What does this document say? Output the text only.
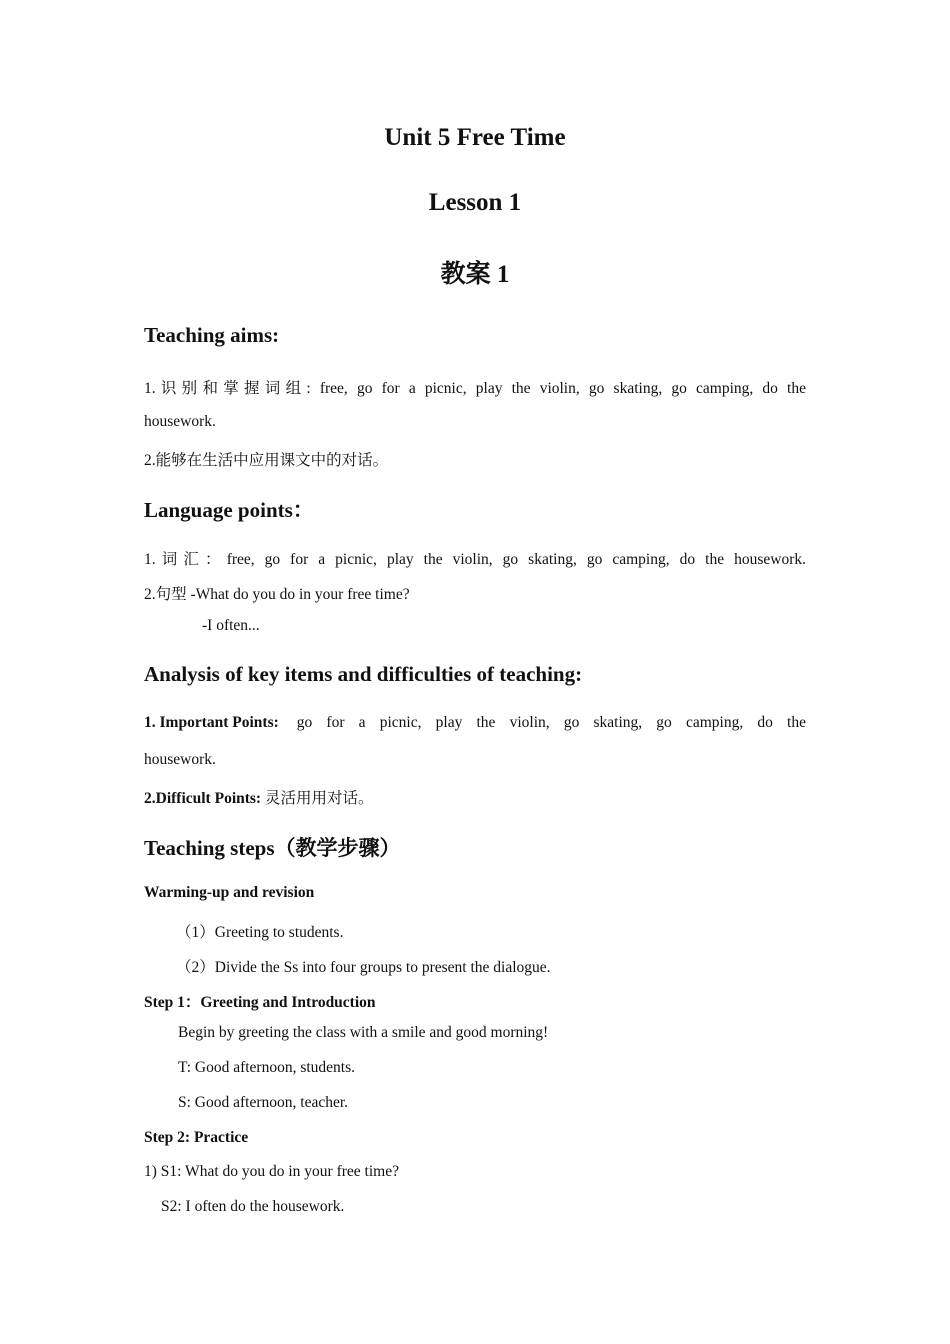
Unit 5 Free Time
Lesson 1
教案 1
Teaching aims:
1.识别和掌握词组: free, go for a picnic, play the violin, go skating, go camping, do the
housework.
2.能够在生活中应用课文中的对话。
Language points：
1.词汇：free, go for a picnic, play the violin, go skating, go camping, do the housework.
2.句型 -What do you do in your free time?
-I often...
Analysis of key items and difficulties of teaching:
1. Important Points: go for a picnic, play the violin, go skating, go camping, do the
housework.
2.Difficult Points: 灵活用用对话。
Teaching steps（教学步骤）
Warming-up and revision
（1）Greeting to students.
（2）Divide the Ss into four groups to present the dialogue.
Step 1：Greeting and Introduction
Begin by greeting the class with a smile and good morning!
T: Good afternoon, students.
S: Good afternoon, teacher.
Step 2: Practice
1) S1: What do you do in your free time?
S2: I often do the housework.
